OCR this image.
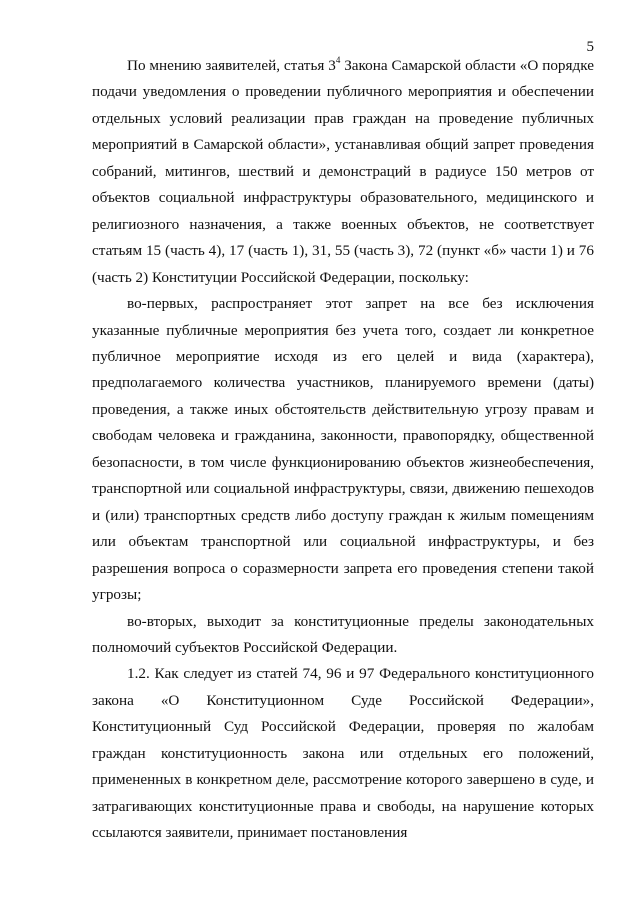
5

По мнению заявителей, статья $3^4$ Закона Самарской области «О порядке подачи уведомления о проведении публичного мероприятия и обеспечении отдельных условий реализации прав граждан на проведение публичных мероприятий в Самарской области», устанавливая общий запрет проведения собраний, митингов, шествий и демонстраций в радиусе 150 метров от объектов социальной инфраструктуры образовательного, медицинского и религиозного назначения, а также военных объектов, не соответствует статьям 15 (часть 4), 17 (часть 1), 31, 55 (часть 3), 72 (пункт «б» части 1) и 76 (часть 2) Конституции Российской Федерации, поскольку:

во-первых, распространяет этот запрет на все без исключения указанные публичные мероприятия без учета того, создает ли конкретное публичное мероприятие исходя из его целей и вида (характера), предполагаемого количества участников, планируемого времени (даты) проведения, а также иных обстоятельств действительную угрозу правам и свободам человека и гражданина, законности, правопорядку, общественной безопасности, в том числе функционированию объектов жизнеобеспечения, транспортной или социальной инфраструктуры, связи, движению пешеходов и (или) транспортных средств либо доступу граждан к жилым помещениям или объектам транспортной или социальной инфраструктуры, и без разрешения вопроса о соразмерности запрета его проведения степени такой угрозы;

во-вторых, выходит за конституционные пределы законодательных полномочий субъектов Российской Федерации.

1.2. Как следует из статей 74, 96 и 97 Федерального конституционного закона «О Конституционном Суде Российской Федерации», Конституционный Суд Российской Федерации, проверяя по жалобам граждан конституционность закона или отдельных его положений, примененных в конкретном деле, рассмотрение которого завершено в суде, и затрагивающих конституционные права и свободы, на нарушение которых ссылаются заявители, принимает постановления
